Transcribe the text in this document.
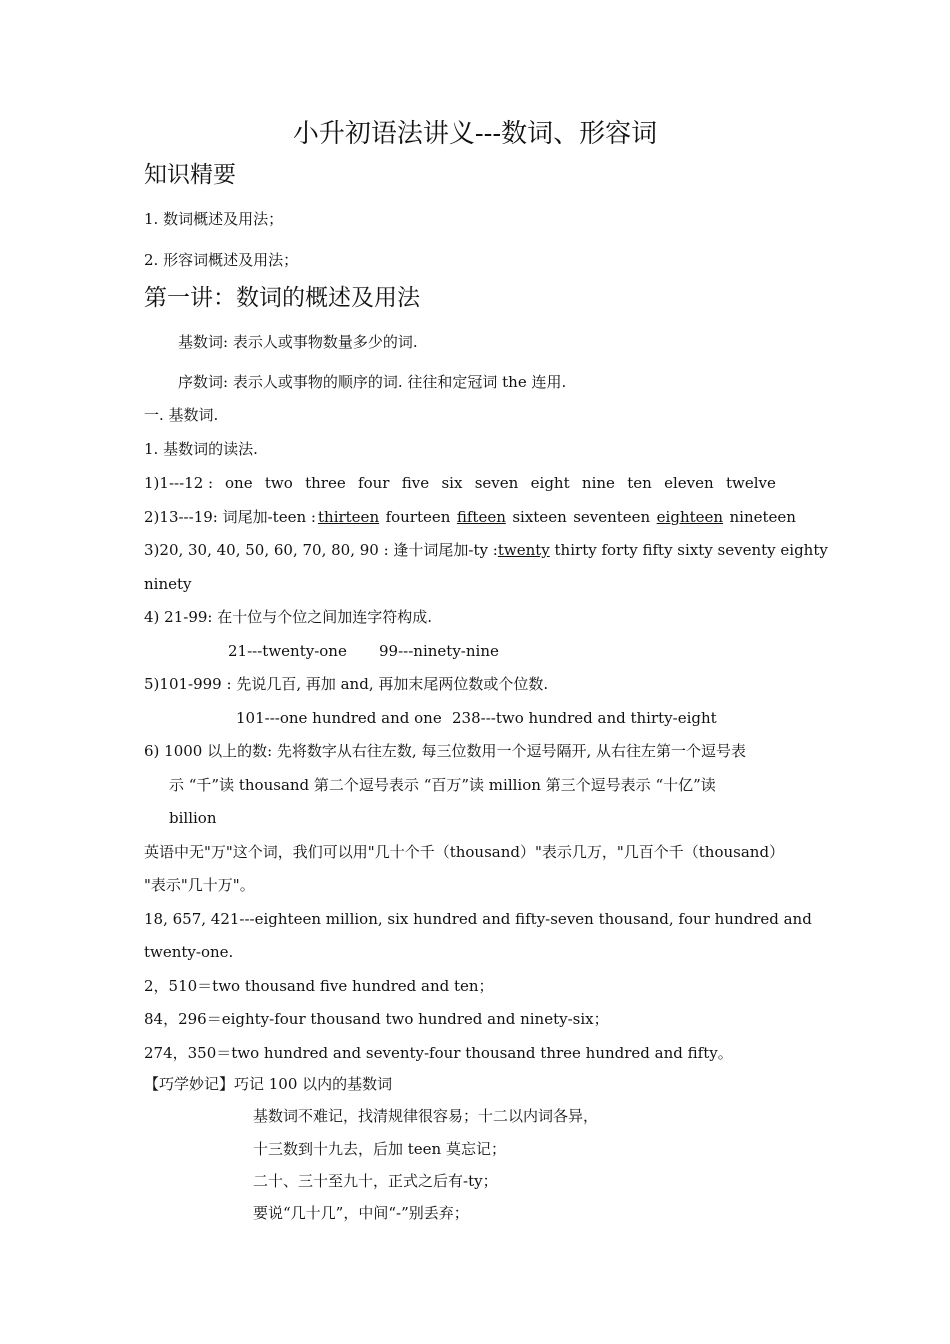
小升初语法讲义---数词、形容词
知识精要
1. 数词概述及用法；
2. 形容词概述及用法；
第一讲：数词的概述及用法
基数词: 表示人或事物数量多少的词.
序数词: 表示人或事物的顺序的词. 往往和定冠词 the 连用.
一. 基数词.
1. 基数词的读法.
1)1---12 : one two three four five six seven eight nine ten eleven twelve
2)13---19: 词尾加-teen : thirteen fourteen fifteen sixteen seventeen eighteen nineteen
3)20, 30, 40, 50, 60, 70, 80, 90 : 逢十词尾加-ty :twenty thirty forty fifty sixty seventy eighty
ninety
4) 21-99: 在十位与个位之间加连字符构成.
21---twenty-one 99---ninety-nine
5)101-999 : 先说几百, 再加 and, 再加末尾两位数或个位数.
101---one hundred and one 238---two hundred and thirty-eight
6) 1000 以上的数: 先将数字从右往左数, 每三位数用一个逗号隔开, 从右往左第一个逗号表
示 “千”读 thousand 第二个逗号表示 “百万”读 million 第三个逗号表示 “十亿”读
billion
英语中无"万"这个词，我们可以用"几十个千（thousand）"表示几万，"几百个千（thousand）
"表示"几十万"。
18, 657, 421---eighteen million, six hundred and fifty-seven thousand, four hundred and
twenty-one.
2，510＝two thousand five hundred and ten；
84，296＝eighty-four thousand two hundred and ninety-six；
274，350＝two hundred and seventy-four thousand three hundred and fifty。
【巧学妙记】巧记 100 以内的基数词
基数词不难记，找清规律很容易；十二以内词各异，
十三数到十九去，后加 teen 莫忘记；
二十、三十至九十，正式之后有-ty；
要说“几十几”，中间“-”别丢弃；
